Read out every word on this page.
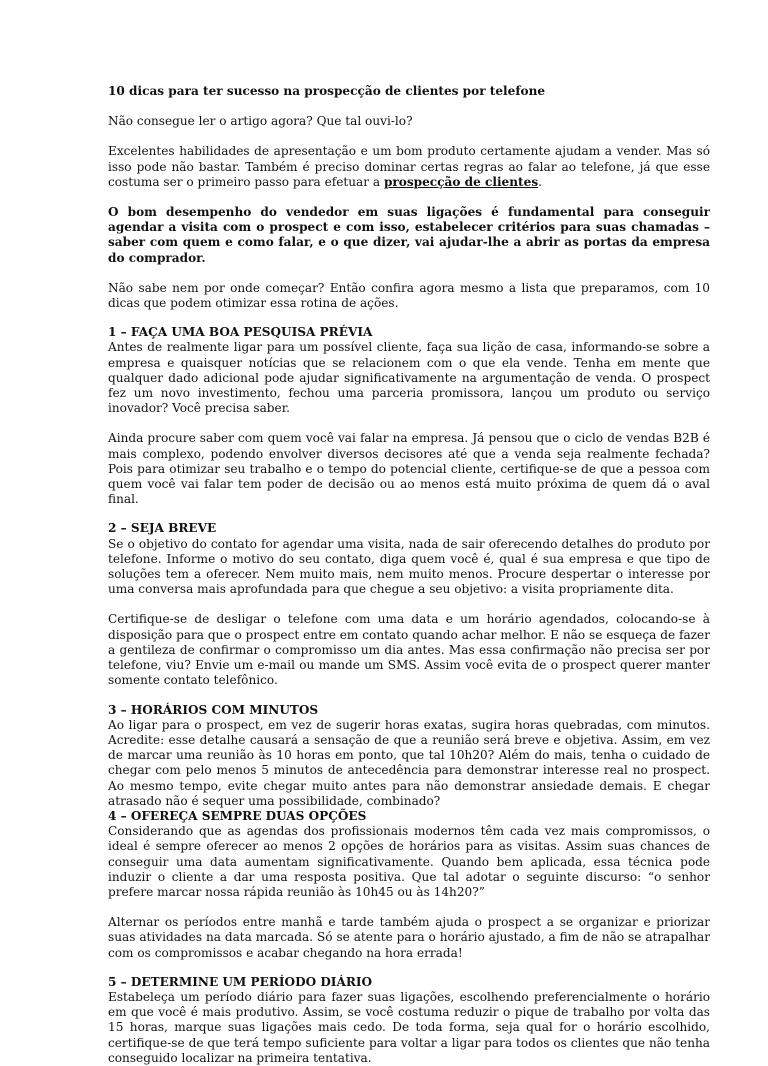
10 dicas para ter sucesso na prospecção de clientes por telefone

Não consegue ler o artigo agora? Que tal ouvi-lo?

Excelentes habilidades de apresentação e um bom produto certamente ajudam a vender. Mas só isso pode não bastar. Também é preciso dominar certas regras ao falar ao telefone, já que esse costuma ser o primeiro passo para efetuar a prospecção de clientes.

O bom desempenho do vendedor em suas ligações é fundamental para conseguir agendar a visita com o prospect e com isso, estabelecer critérios para suas chamadas – saber com quem e como falar, e o que dizer, vai ajudar-lhe a abrir as portas da empresa do comprador.

Não sabe nem por onde começar? Então confira agora mesmo a lista que preparamos, com 10 dicas que podem otimizar essa rotina de ações.

1 – FAÇA UMA BOA PESQUISA PRÉVIA

Antes de realmente ligar para um possível cliente, faça sua lição de casa, informando-se sobre a empresa e quaisquer notícias que se relacionem com o que ela vende. Tenha em mente que qualquer dado adicional pode ajudar significativamente na argumentação de venda. O prospect fez um novo investimento, fechou uma parceria promissora, lançou um produto ou serviço inovador? Você precisa saber.

Ainda procure saber com quem você vai falar na empresa. Já pensou que o ciclo de vendas B2B é mais complexo, podendo envolver diversos decisores até que a venda seja realmente fechada? Pois para otimizar seu trabalho e o tempo do potencial cliente, certifique-se de que a pessoa com quem você vai falar tem poder de decisão ou ao menos está muito próxima de quem dá o aval final.

2 – SEJA BREVE

Se o objetivo do contato for agendar uma visita, nada de sair oferecendo detalhes do produto por telefone. Informe o motivo do seu contato, diga quem você é, qual é sua empresa e que tipo de soluções tem a oferecer. Nem muito mais, nem muito menos. Procure despertar o interesse por uma conversa mais aprofundada para que chegue a seu objetivo: a visita propriamente dita.

Certifique-se de desligar o telefone com uma data e um horário agendados, colocando-se à disposição para que o prospect entre em contato quando achar melhor. E não se esqueça de fazer a gentileza de confirmar o compromisso um dia antes. Mas essa confirmação não precisa ser por telefone, viu? Envie um e-mail ou mande um SMS. Assim você evita de o prospect querer manter somente contato telefônico.

3 – HORÁRIOS COM MINUTOS

Ao ligar para o prospect, em vez de sugerir horas exatas, sugira horas quebradas, com minutos. Acredite: esse detalhe causará a sensação de que a reunião será breve e objetiva. Assim, em vez de marcar uma reunião às 10 horas em ponto, que tal 10h20? Além do mais, tenha o cuidado de chegar com pelo menos 5 minutos de antecedência para demonstrar interesse real no prospect. Ao mesmo tempo, evite chegar muito antes para não demonstrar ansiedade demais. E chegar atrasado não é sequer uma possibilidade, combinado?

4 – OFEREÇA SEMPRE DUAS OPÇÕES

Considerando que as agendas dos profissionais modernos têm cada vez mais compromissos, o ideal é sempre oferecer ao menos 2 opções de horários para as visitas. Assim suas chances de conseguir uma data aumentam significativamente. Quando bem aplicada, essa técnica pode induzir o cliente a dar uma resposta positiva. Que tal adotar o seguinte discurso: “o senhor prefere marcar nossa rápida reunião às 10h45 ou às 14h20?”

Alternar os períodos entre manhã e tarde também ajuda o prospect a se organizar e priorizar suas atividades na data marcada. Só se atente para o horário ajustado, a fim de não se atrapalhar com os compromissos e acabar chegando na hora errada!

5 – DETERMINE UM PERÍODO DIÁRIO

Estabeleça um período diário para fazer suas ligações, escolhendo preferencialmente o horário em que você é mais produtivo. Assim, se você costuma reduzir o pique de trabalho por volta das 15 horas, marque suas ligações mais cedo. De toda forma, seja qual for o horário escolhido, certifique-se de que terá tempo suficiente para voltar a ligar para todos os clientes que não tenha conseguido localizar na primeira tentativa.
